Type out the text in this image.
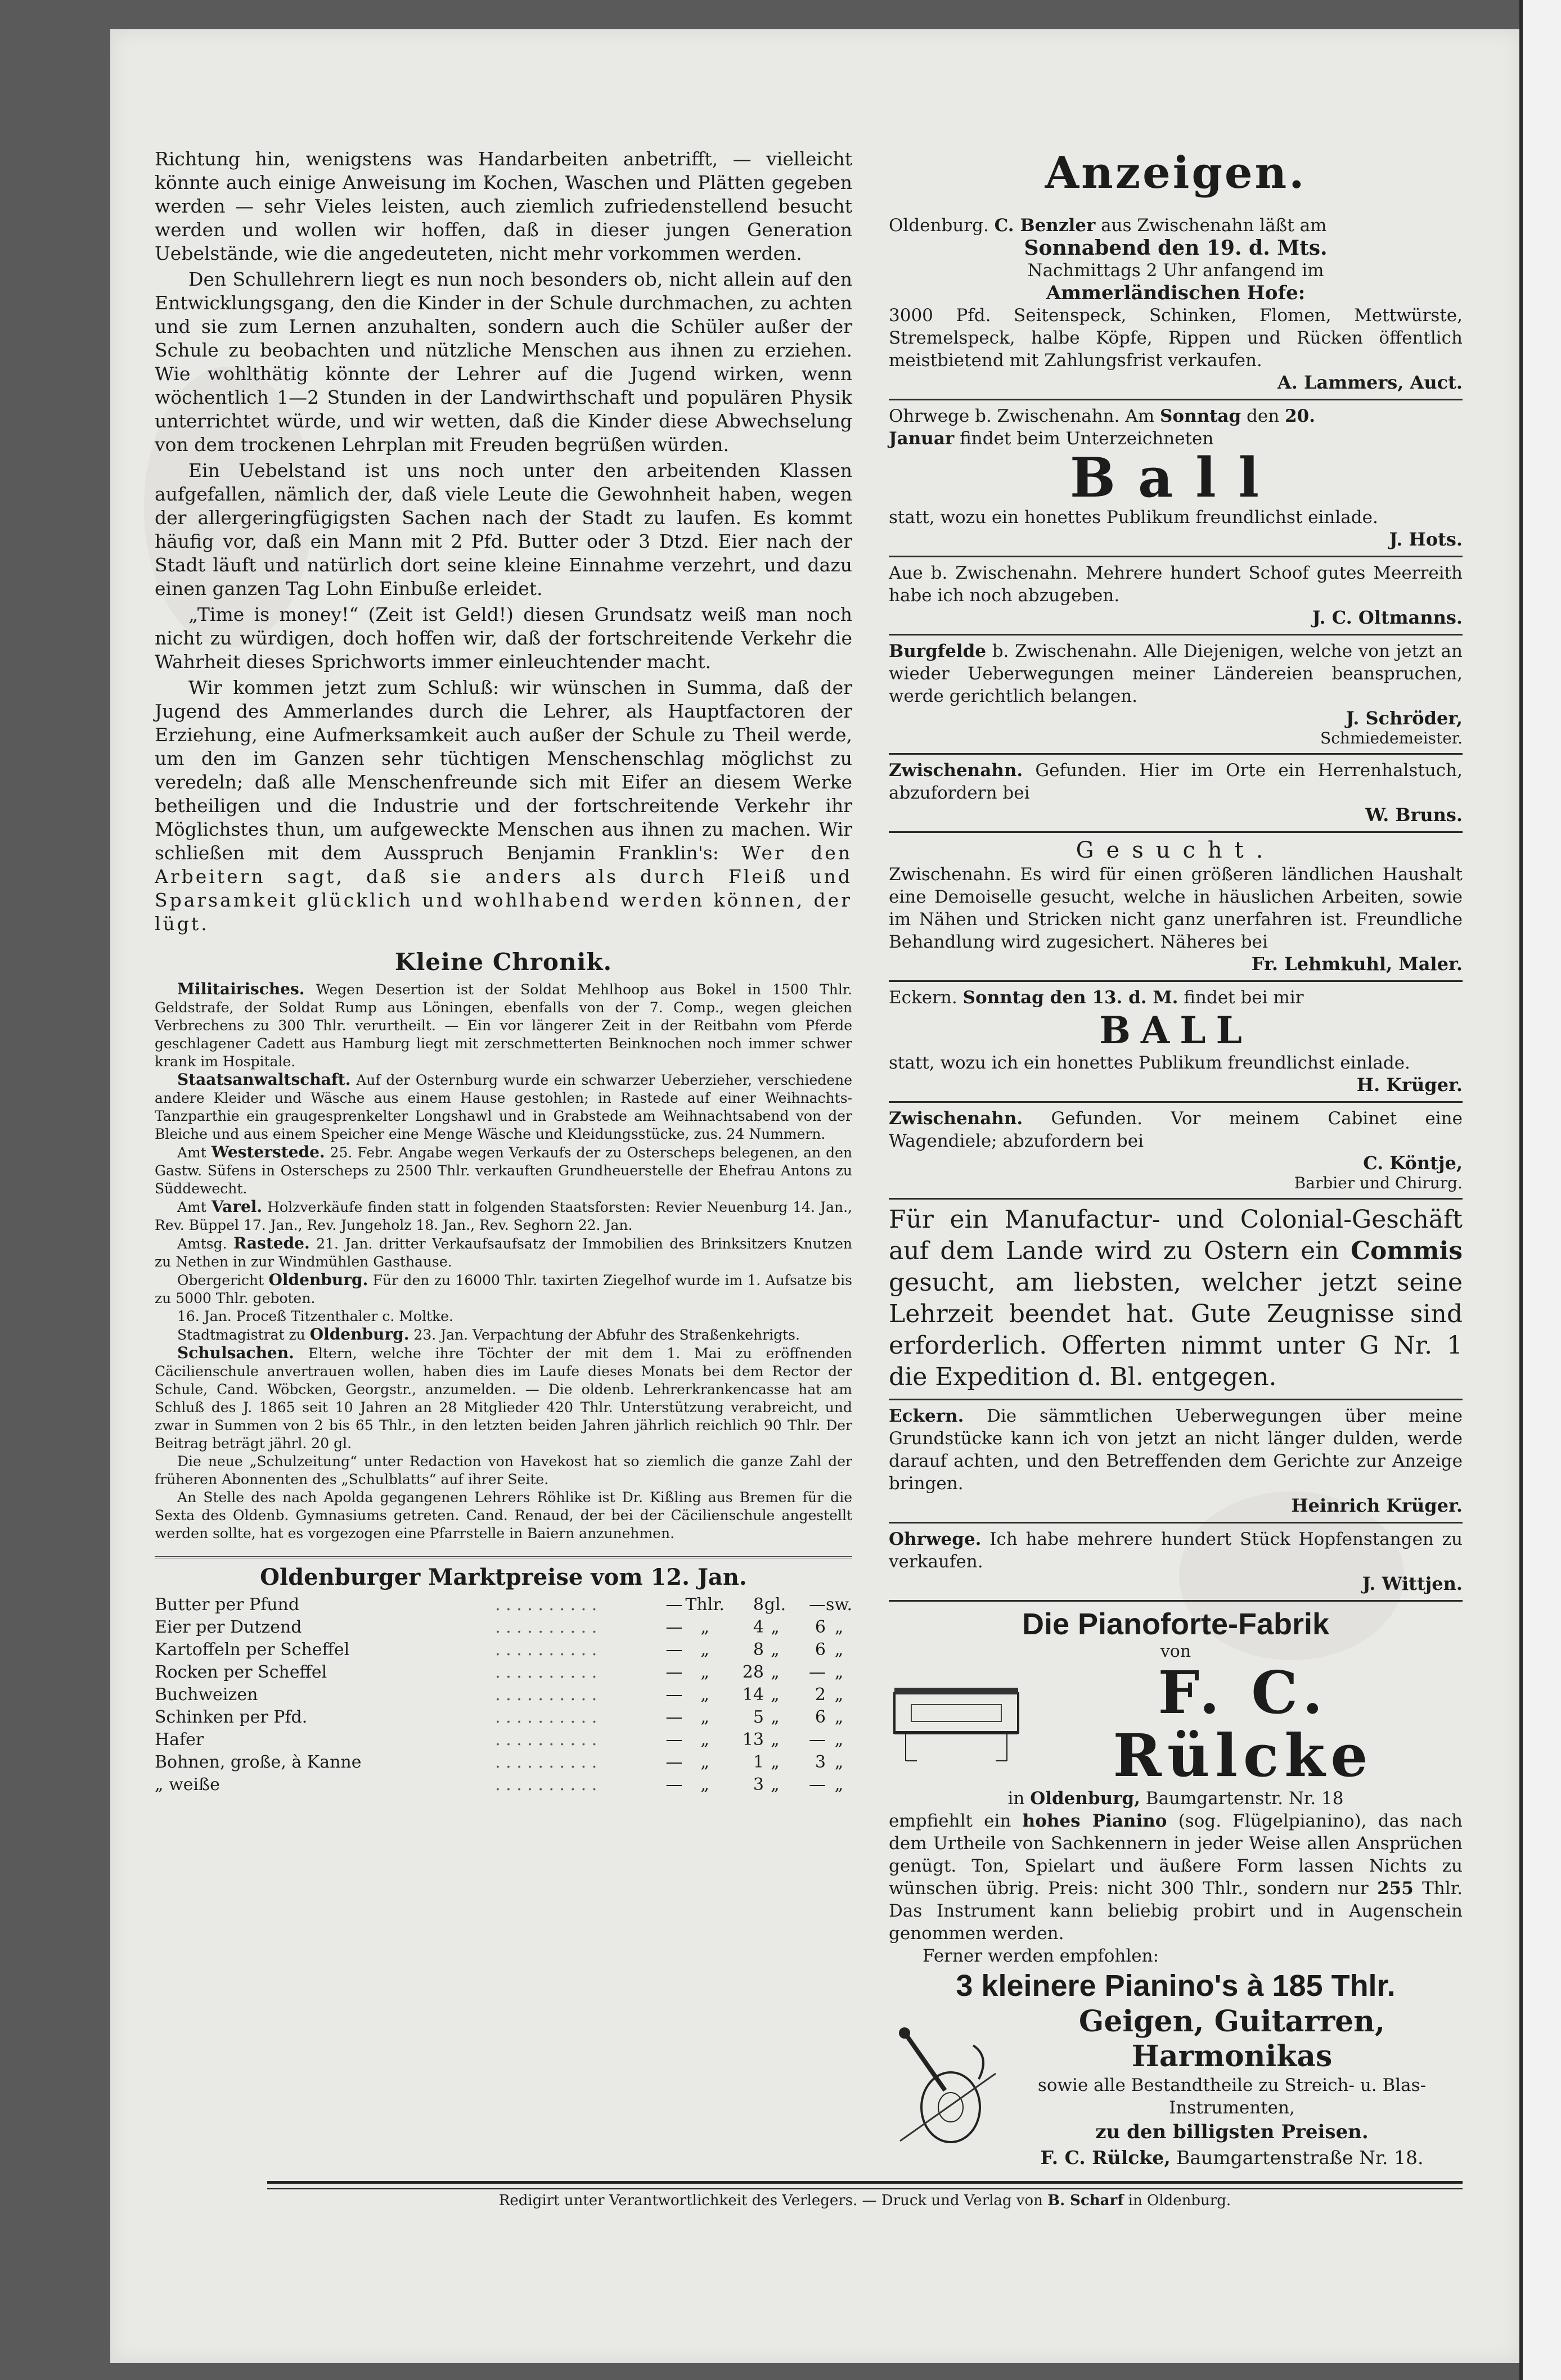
Richtung hin, wenigstens was Handarbeiten anbetrifft, — vielleicht könnte auch einige Anweisung im Kochen, Waschen und Plätten gegeben werden — sehr Vieles leisten, auch ziemlich zufriedenstellend besucht werden und wollen wir hoffen, daß in dieser jungen Generation Uebelstände, wie die angedeuteten, nicht mehr vorkommen werden.

Den Schullehrern liegt es nun noch besonders ob, nicht allein auf den Entwicklungsgang, den die Kinder in der Schule durchmachen, zu achten und sie zum Lernen anzuhalten, sondern auch die Schüler außer der Schule zu beobachten und nützliche Menschen aus ihnen zu erziehen. Wie wohlthätig könnte der Lehrer auf die Jugend wirken, wenn wöchentlich 1—2 Stunden in der Landwirthschaft und populären Physik unterrichtet würde, und wir wetten, daß die Kinder diese Abwechselung von dem trockenen Lehrplan mit Freuden begrüßen würden.

Ein Uebelstand ist uns noch unter den arbeitenden Klassen aufgefallen, nämlich der, daß viele Leute die Gewohnheit haben, wegen der allergeringfügigsten Sachen nach der Stadt zu laufen. Es kommt häufig vor, daß ein Mann mit 2 Pfd. Butter oder 3 Dtzd. Eier nach der Stadt läuft und natürlich dort seine kleine Einnahme verzehrt, und dazu einen ganzen Tag Lohn Einbuße erleidet.

„Time is money!“ (Zeit ist Geld!) diesen Grundsatz weiß man noch nicht zu würdigen, doch hoffen wir, daß der fortschreitende Verkehr die Wahrheit dieses Sprichworts immer einleuchtender macht.

Wir kommen jetzt zum Schluß: wir wünschen in Summa, daß der Jugend des Ammerlandes durch die Lehrer, als Hauptfactoren der Erziehung, eine Aufmerksamkeit auch außer der Schule zu Theil werde, um den im Ganzen sehr tüchtigen Menschenschlag möglichst zu veredeln; daß alle Menschenfreunde sich mit Eifer an diesem Werke betheiligen und die Industrie und der fortschreitende Verkehr ihr Möglichstes thun, um aufgeweckte Menschen aus ihnen zu machen. Wir schließen mit dem Ausspruch Benjamin Franklin's: Wer den Arbeitern sagt, daß sie anders als durch Fleiß und Sparsamkeit glücklich und wohlhabend werden können, der lügt.

Kleine Chronik.

Militairisches. Wegen Desertion ist der Soldat Mehlhoop aus Bokel in 1500 Thlr. Geldstrafe, der Soldat Rump aus Löningen, ebenfalls von der 7. Comp., wegen gleichen Verbrechens zu 300 Thlr. verurtheilt. — Ein vor längerer Zeit in der Reitbahn vom Pferde geschlagener Cadett aus Hamburg liegt mit zerschmetterten Beinknochen noch immer schwer krank im Hospitale.

Staatsanwaltschaft. Auf der Osternburg wurde ein schwarzer Ueberzieher, verschiedene andere Kleider und Wäsche aus einem Hause gestohlen; in Rastede auf einer Weihnachts-Tanzparthie ein graugesprenkelter Longshawl und in Grabstede am Weihnachtsabend von der Bleiche und aus einem Speicher eine Menge Wäsche und Kleidungsstücke, zus. 24 Nummern.

Amt Westerstede. 25. Febr. Angabe wegen Verkaufs der zu Osterscheps belegenen, an den Gastw. Süfens in Osterscheps zu 2500 Thlr. verkauften Grundheuerstelle der Ehefrau Antons zu Süddewecht.

Amt Varel. Holzverkäufe finden statt in folgenden Staatsforsten: Revier Neuenburg 14. Jan., Rev. Büppel 17. Jan., Rev. Jungeholz 18. Jan., Rev. Seghorn 22. Jan.

Amtsg. Rastede. 21. Jan. dritter Verkaufsaufsatz der Immobilien des Brinksitzers Knutzen zu Nethen in zur Windmühlen Gasthause.

Obergericht Oldenburg. Für den zu 16000 Thlr. taxirten Ziegelhof wurde im 1. Aufsatze bis zu 5000 Thlr. geboten.

16. Jan. Proceß Titzenthaler c. Moltke.

Stadtmagistrat zu Oldenburg. 23. Jan. Verpachtung der Abfuhr des Straßenkehrigts.

Schulsachen. Eltern, welche ihre Töchter der mit dem 1. Mai zu eröffnenden Cäcilienschule anvertrauen wollen, haben dies im Laufe dieses Monats bei dem Rector der Schule, Cand. Wöbcken, Georgstr., anzumelden. — Die oldenb. Lehrerkrankencasse hat am Schluß des J. 1865 seit 10 Jahren an 28 Mitglieder 420 Thlr. Unterstützung verabreicht, und zwar in Summen von 2 bis 65 Thlr., in den letzten beiden Jahren jährlich reichlich 90 Thlr. Der Beitrag beträgt jährl. 20 gl.

Die neue „Schulzeitung“ unter Redaction von Havekost hat so ziemlich die ganze Zahl der früheren Abonnenten des „Schulblatts“ auf ihrer Seite.

An Stelle des nach Apolda gegangenen Lehrers Röhlike ist Dr. Kißling aus Bremen für die Sexta des Oldenb. Gymnasiums getreten. Cand. Renaud, der bei der Cäcilienschule angestellt werden sollte, hat es vorgezogen eine Pfarrstelle in Baiern anzunehmen.

Oldenburger Marktpreise vom 12. Jan.
Butter per Pfund	. . . . . . . . . .	—	Thlr.	8	gl.	—	sw.
Eier per Dutzend	. . . . . . . . . .	—	„	4	„	6	„
Kartoffeln per Scheffel	. . . . . . . . . .	—	„	8	„	6	„
Rocken per Scheffel	. . . . . . . . . .	—	„	28	„	—	„
Buchweizen	. . . . . . . . . .	—	„	14	„	2	„
Schinken per Pfd.	. . . . . . . . . .	—	„	5	„	6	„
Hafer	. . . . . . . . . .	—	„	13	„	—	„
Bohnen, große, à Kanne	. . . . . . . . . .	—	„	1	„	3	„
„ weiße	. . . . . . . . . .	—	„	3	„	—	„
Anzeigen.

Oldenburg. C. Benzler aus Zwischenahn läßt am

Sonnabend den 19. d. Mts.

Nachmittags 2 Uhr anfangend im

Ammerländischen Hofe:

3000 Pfd. Seitenspeck, Schinken, Flomen, Mettwürste, Stremelspeck, halbe Köpfe, Rippen und Rücken öffentlich meistbietend mit Zahlungsfrist verkaufen.

A. Lammers, Auct.

Ohrwege b. Zwischenahn. Am Sonntag den 20.
Januar findet beim Unterzeichneten

Ball

statt, wozu ein honettes Publikum freundlichst einlade.

J. Hots.

Aue b. Zwischenahn. Mehrere hundert Schoof gutes Meerreith habe ich noch abzugeben.

J. C. Oltmanns.

Burgfelde b. Zwischenahn. Alle Diejenigen, welche von jetzt an wieder Ueberwegungen meiner Ländereien beanspruchen, werde gerichtlich belangen.

J. Schröder,
Schmiedemeister.

Zwischenahn. Gefunden. Hier im Orte ein Herrenhalstuch, abzufordern bei

W. Bruns.
Gesucht.

Zwischenahn. Es wird für einen größeren ländlichen Haushalt eine Demoiselle gesucht, welche in häuslichen Arbeiten, sowie im Nähen und Stricken nicht ganz unerfahren ist. Freundliche Behandlung wird zugesichert. Näheres bei

Fr. Lehmkuhl, Maler.

Eckern. Sonntag den 13. d. M. findet bei mir

BALL

statt, wozu ich ein honettes Publikum freundlichst einlade.

H. Krüger.

Zwischenahn. Gefunden. Vor meinem Cabinet eine Wagendiele; abzufordern bei

C. Köntje,
Barbier und Chirurg.

Für ein Manufactur- und Colonial-Geschäft auf dem Lande wird zu Ostern ein Commis gesucht, am liebsten, welcher jetzt seine Lehrzeit beendet hat. Gute Zeugnisse sind erforderlich. Offerten nimmt unter G Nr. 1 die Expedition d. Bl. entgegen.

Eckern. Die sämmtlichen Ueberwegungen über meine Grundstücke kann ich von jetzt an nicht länger dulden, werde darauf achten, und den Betreffenden dem Gerichte zur Anzeige bringen.

Heinrich Krüger.

Ohrwege. Ich habe mehrere hundert Stück Hopfenstangen zu verkaufen.

J. Wittjen.
Die Pianoforte-Fabrik
von
F. C. Rülcke

in Oldenburg, Baumgartenstr. Nr. 18

empfiehlt ein hohes Pianino (sog. Flügelpianino), das nach dem Urtheile von Sachkennern in jeder Weise allen Ansprüchen genügt. Ton, Spielart und äußere Form lassen Nichts zu wünschen übrig. Preis: nicht 300 Thlr., sondern nur 255 Thlr. Das Instrument kann beliebig probirt und in Augenschein genommen werden.

Ferner werden empfohlen:

3 kleinere Pianino's à 185 Thlr.
Geigen, Guitarren, Harmonikas

sowie alle Bestandtheile zu Streich- u. Blas-Instrumenten,

zu den billigsten Preisen.

F. C. Rülcke, Baumgartenstraße Nr. 18.

Redigirt unter Verantwortlichkeit des Verlegers. — Druck und Verlag von B. Scharf in Oldenburg.
